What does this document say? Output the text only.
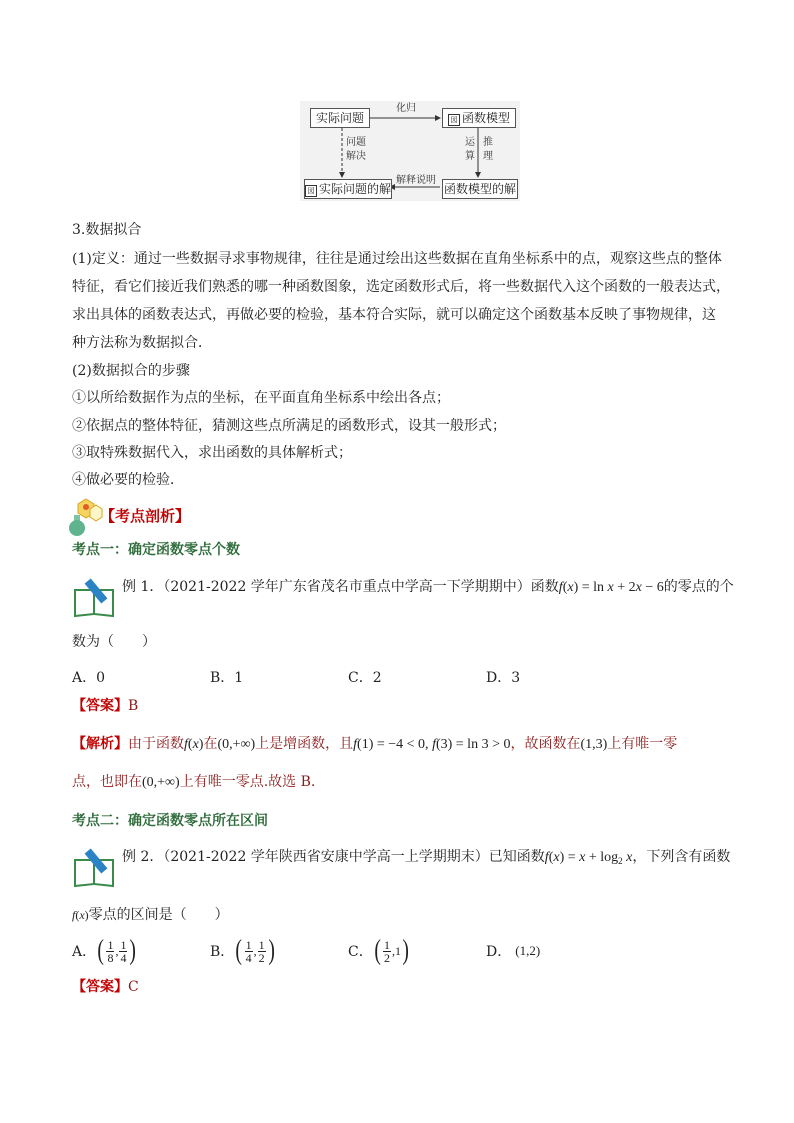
实际问题	図 函数模型
図 实际问题的解	函数模型的解
化归
问题
解决
运
算
推
理
解释说明
3.数据拟合
(1)定义：通过一些数据寻求事物规律，往往是通过绘出这些数据在直角坐标系中的点，观察这些点的整体
特征，看它们接近我们熟悉的哪一种函数图象，选定函数形式后，将一些数据代入这个函数的一般表达式，
求出具体的函数表达式，再做必要的检验，基本符合实际，就可以确定这个函数基本反映了事物规律，这
种方法称为数据拟合．
(2)数据拟合的步骤
①以所给数据作为点的坐标，在平面直角坐标系中绘出各点；
②依据点的整体特征，猜测这些点所满足的函数形式，设其一般形式；
③取特殊数据代入，求出函数的具体解析式；
④做必要的检验．
【考点剖析】
考点一：确定函数零点个数
例 1．（2021-2022 学年广东省茂名市重点中学高一下学期期中）函数f(x) = ln x + 2x − 6的零点的个
数为（　　）
A．0	B．1	C．2	D．3
【答案】B
【解析】由于函数f(x)在(0,+∞)上是增函数，且f(1) = −4 < 0, f(3) = ln 3 > 0，故函数在(1,3)上有唯一零
点，也即在(0,+∞)上有唯一零点.故选 B.
考点二：确定函数零点所在区间
例 2．（2021-2022 学年陕西省安康中学高一上学期期末）已知函数$f(x) = x + \log_2 x$，下列含有函数
f(x)零点的区间是（　　）
A． ( $\frac{1}{8}$ , $\frac{1}{4}$ )	B． ( $\frac{1}{4}$ , $\frac{1}{2}$ )	C． ( $\frac{1}{2} ,1$ )	D． (1,2)
【答案】C
